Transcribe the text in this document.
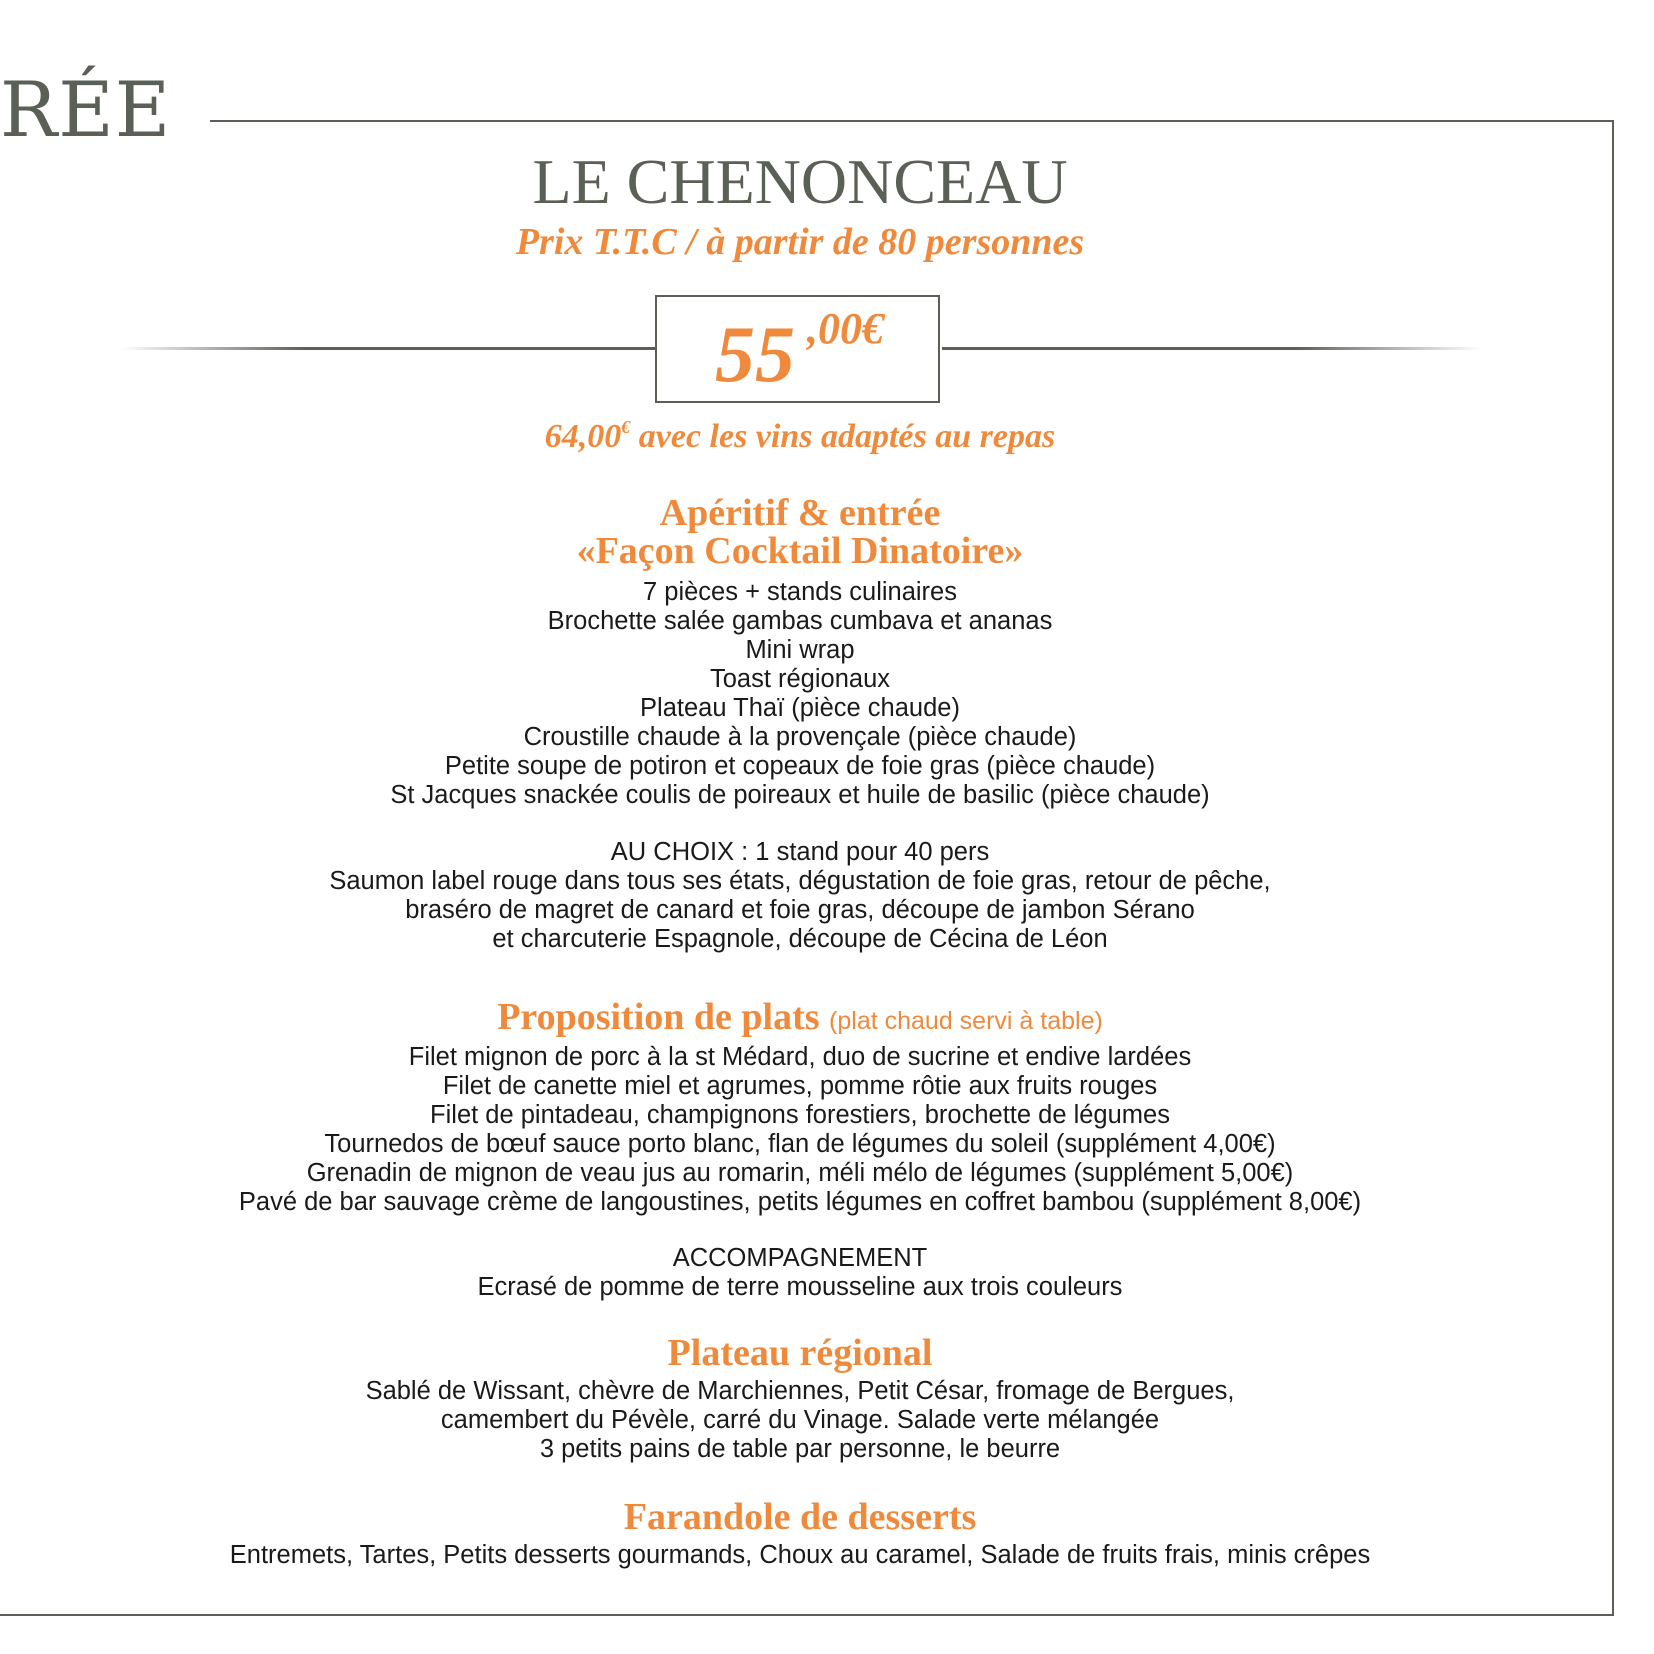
RÉE
LE CHENONCEAU
Prix T.T.C / à partir de 80 personnes
55 ,00€
64,00€ avec les vins adaptés au repas
Apéritif & entrée
«Façon Cocktail Dinatoire»
7 pièces + stands culinaires
Brochette salée gambas cumbava et ananas
Mini wrap
Toast régionaux
Plateau Thaï (pièce chaude)
Croustille chaude à la provençale (pièce chaude)
Petite soupe de potiron et copeaux de foie gras (pièce chaude)
St Jacques snackée coulis de poireaux et huile de basilic (pièce chaude)
AU CHOIX : 1 stand pour 40 pers
Saumon label rouge dans tous ses états, dégustation de foie gras, retour de pêche,
braséro de magret de canard et foie gras, découpe de jambon Sérano
et charcuterie Espagnole, découpe de Cécina de Léon
Proposition de plats (plat chaud servi à table)
Filet mignon de porc à la st Médard, duo de sucrine et endive lardées
Filet de canette miel et agrumes, pomme rôtie aux fruits rouges
Filet de pintadeau, champignons forestiers, brochette de légumes
Tournedos de bœuf sauce porto blanc, flan de légumes du soleil (supplément 4,00€)
Grenadin de mignon de veau jus au romarin, méli mélo de légumes (supplément 5,00€)
Pavé de bar sauvage crème de langoustines, petits légumes en coffret bambou (supplément 8,00€)
ACCOMPAGNEMENT
Ecrasé de pomme de terre mousseline aux trois couleurs
Plateau régional
Sablé de Wissant, chèvre de Marchiennes, Petit César, fromage de Bergues,
camembert du Pévèle, carré du Vinage. Salade verte mélangée
3 petits pains de table par personne, le beurre
Farandole de desserts
Entremets, Tartes, Petits desserts gourmands, Choux au caramel, Salade de fruits frais, minis crêpes
